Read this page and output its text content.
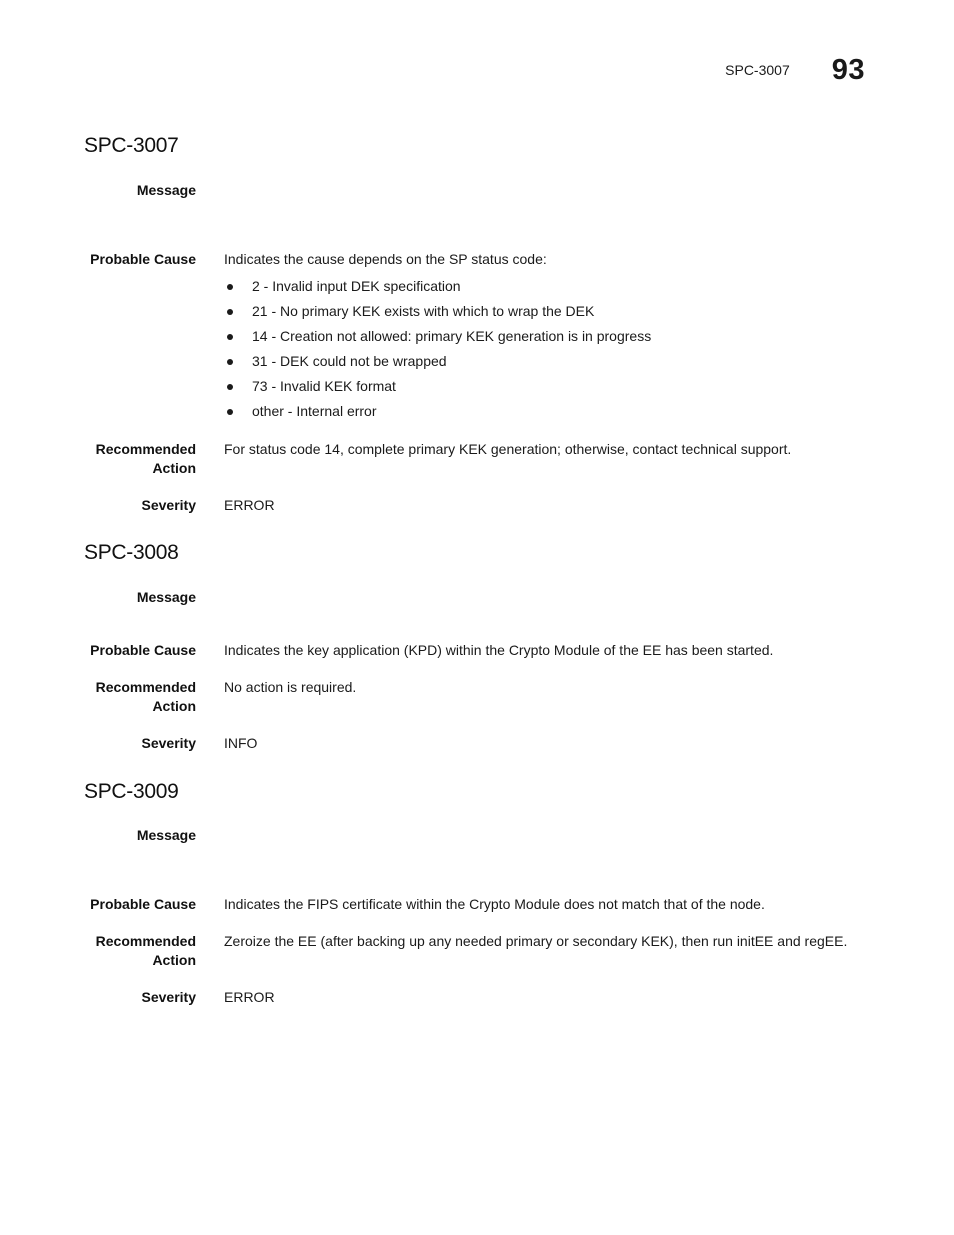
SPC-3007 93
SPC-3007
Message
Probable Cause Indicates the cause depends on the SP status code:
2 - Invalid input DEK specification
21 - No primary KEK exists with which to wrap the DEK
14 - Creation not allowed: primary KEK generation is in progress
31 - DEK could not be wrapped
73 - Invalid KEK format
other - Internal error
Recommended
Action
For status code 14, complete primary KEK generation; otherwise, contact technical support.
Severity ERROR
SPC-3008
Message
Probable Cause Indicates the key application (KPD) within the Crypto Module of the EE has been started.
Recommended
Action
No action is required.
Severity INFO
SPC-3009
Message
Probable Cause Indicates the FIPS certificate within the Crypto Module does not match that of the node.
Recommended
Action
Zeroize the EE (after backing up any needed primary or secondary KEK), then run initEE and regEE.
Severity ERROR
